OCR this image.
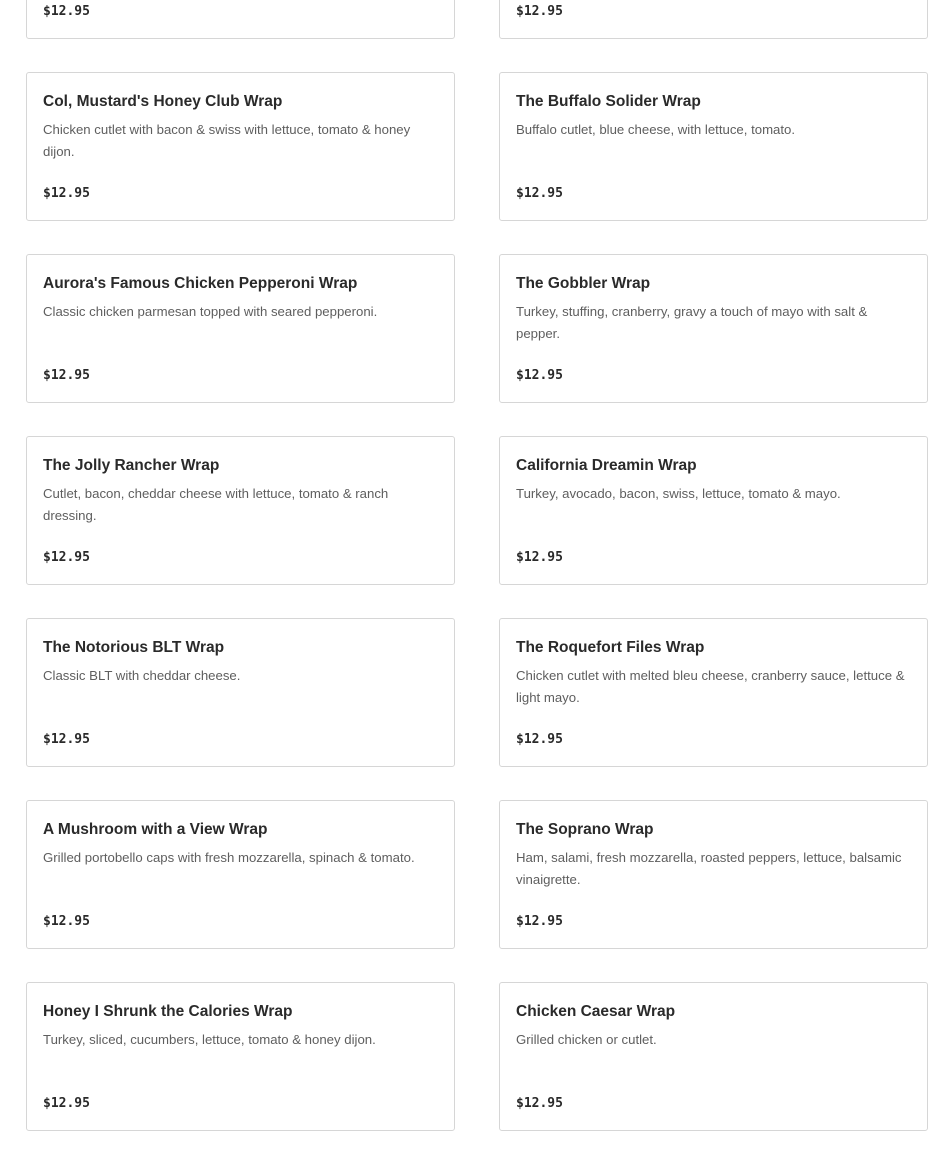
$12.95	$12.95
Col, Mustard's Honey Club Wrap
Chicken cutlet with bacon & swiss with lettuce, tomato & honey dijon.
$12.95
The Buffalo Solider Wrap
Buffalo cutlet, blue cheese, with lettuce, tomato.
$12.95
Aurora's Famous Chicken Pepperoni Wrap
Classic chicken parmesan topped with seared pepperoni.
$12.95
The Gobbler Wrap
Turkey, stuffing, cranberry, gravy a touch of mayo with salt & pepper.
$12.95
The Jolly Rancher Wrap
Cutlet, bacon, cheddar cheese with lettuce, tomato & ranch dressing.
$12.95
California Dreamin Wrap
Turkey, avocado, bacon, swiss, lettuce, tomato & mayo.
$12.95
The Notorious BLT Wrap
Classic BLT with cheddar cheese.
$12.95
The Roquefort Files Wrap
Chicken cutlet with melted bleu cheese, cranberry sauce, lettuce & light mayo.
$12.95
A Mushroom with a View Wrap
Grilled portobello caps with fresh mozzarella, spinach & tomato.
$12.95
The Soprano Wrap
Ham, salami, fresh mozzarella, roasted peppers, lettuce, balsamic vinaigrette.
$12.95
Honey I Shrunk the Calories Wrap
Turkey, sliced, cucumbers, lettuce, tomato & honey dijon.
$12.95
Chicken Caesar Wrap
Grilled chicken or cutlet.
$12.95
